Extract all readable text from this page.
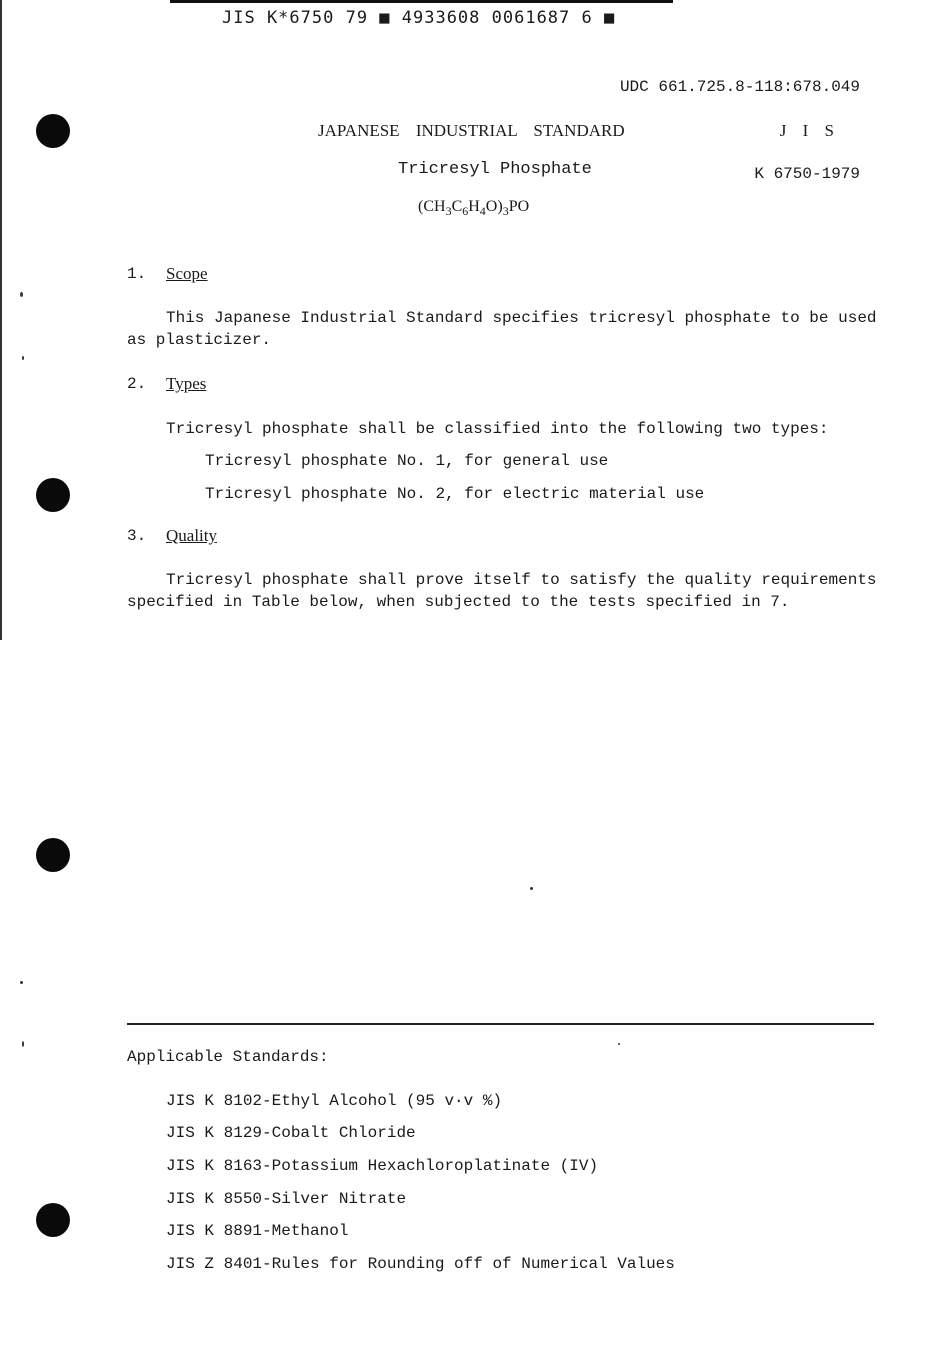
JIS K*6750 79 ■ 4933608 0061687 6 ■
UDC 661.725.8-118:678.049
JAPANESE INDUSTRIAL STANDARD	J I S
Tricresyl Phosphate	K 6750-1979
$(CH_3C_6H_4O)_3PO$
1. Scope
This Japanese Industrial Standard specifies tricresyl phosphate to be used
as plasticizer.
2. Types
Tricresyl phosphate shall be classified into the following two types:
Tricresyl phosphate No. 1, for general use
Tricresyl phosphate No. 2, for electric material use
3. Quality
Tricresyl phosphate shall prove itself to satisfy the quality requirements
specified in Table below, when subjected to the tests specified in 7.
Applicable Standards:
JIS K 8102-Ethyl Alcohol (95 v·v %)
JIS K 8129-Cobalt Chloride
JIS K 8163-Potassium Hexachloroplatinate (IV)
JIS K 8550-Silver Nitrate
JIS K 8891-Methanol
JIS Z 8401-Rules for Rounding off of Numerical Values
